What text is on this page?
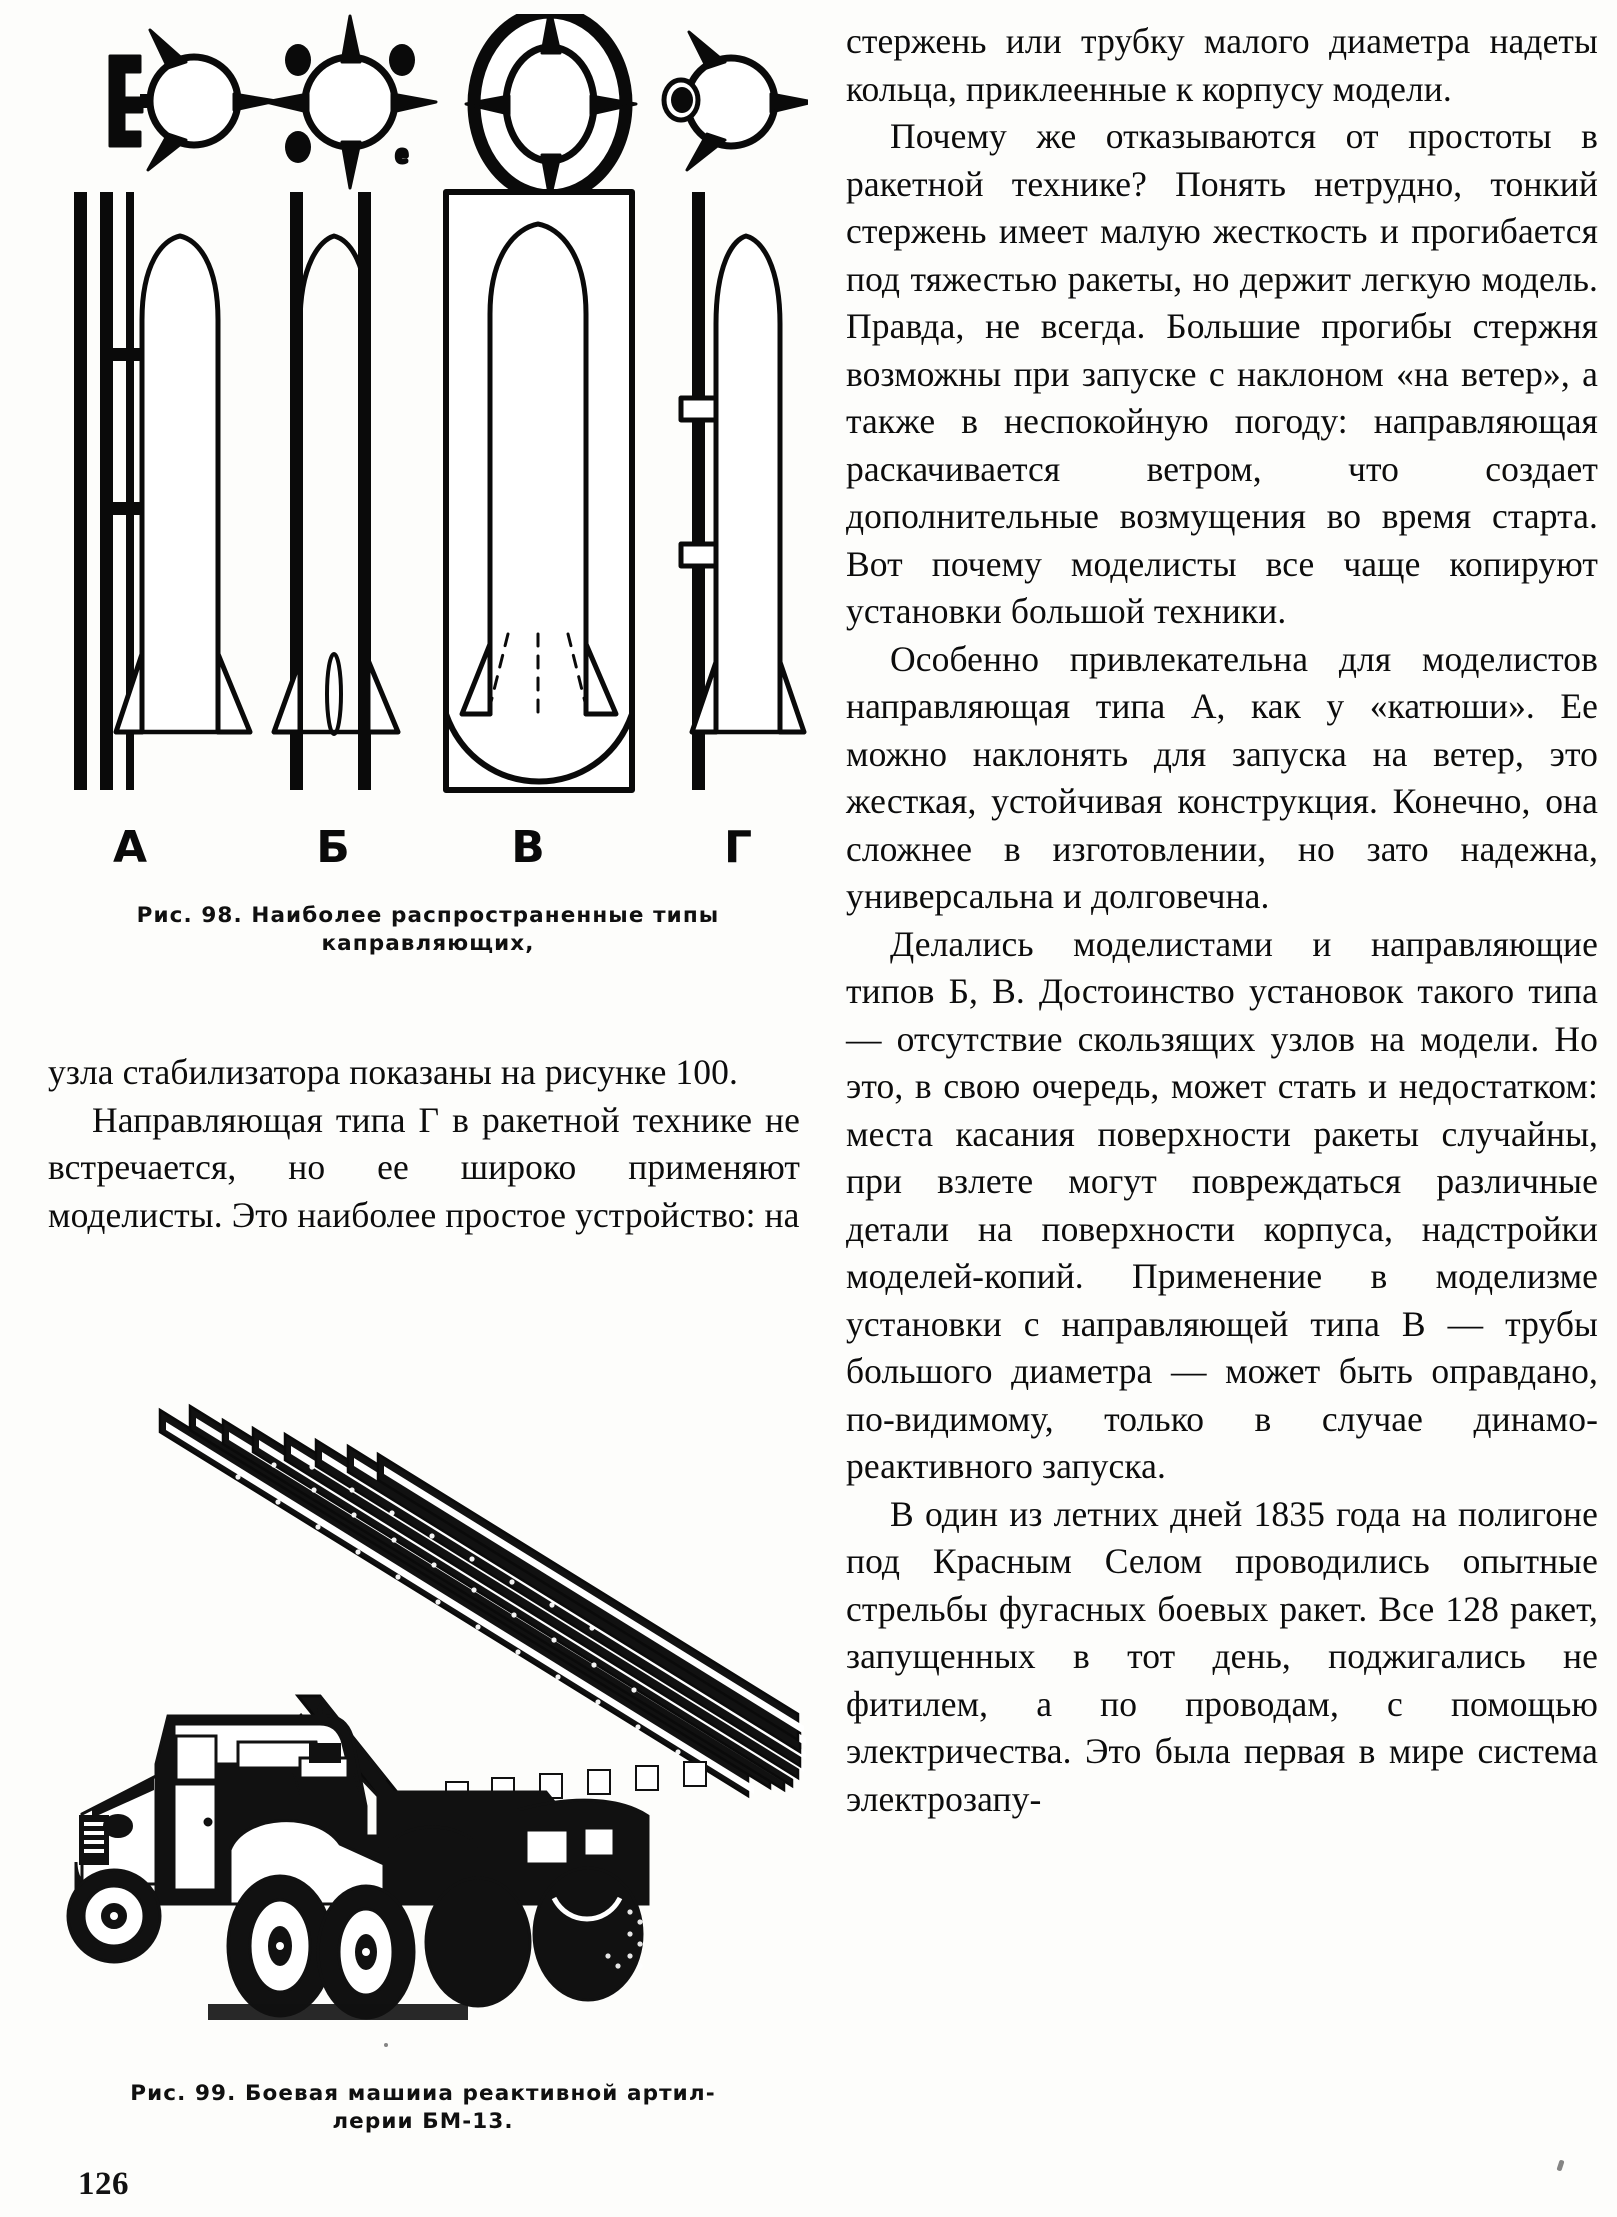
e
А	Б	В	Г
Рис. 98. Наиболее распространенные типы
каправляющих,

узла стабилизатора показаны на рисунке 100.

Направляющая типа Г в ракетной технике не встречается, но ее широко применяют моделисты. Это наиболее простое устройство: на

Рис. 99. Боевая машииа реактивной артил-
лерии БМ-13.
126

стержень или трубку малого диаметра надеты кольца, приклеенные к корпусу модели.

Почему же отказываются от простоты в ракетной технике? Понять нетрудно, тонкий стержень имеет малую жесткость и прогибается под тяжестью ракеты, но держит легкую модель. Правда, не всегда. Большие прогибы стержня возможны при запуске с наклоном «на ветер», а также в неспокойную погоду: направляющая раскачивается ветром, что создает дополнительные возмущения во время старта. Вот почему моделисты все чаще копируют установки большой техники.

Особенно привлекательна для моделистов направляющая типа А, как у «катюши». Ее можно наклонять для запуска на ветер, это жесткая, устойчивая конструкция. Конечно, она сложнее в изготовлении, но зато надежна, универсальна и долговечна.

Делались моделистами и направляющие типов Б, В. Достоинство установок такого типа — отсутствие скользящих узлов на модели. Но это, в свою очередь, может стать и недостатком: места касания поверхности ракеты случайны, при взлете могут повреждаться различные детали на поверхности корпуса, надстройки моделей-копий. Применение в моделизме установки с направляющей типа В — трубы большого диаметра — может быть оправдано, по-видимому, только в случае динамо-реактивного запуска.

В один из летних дней 1835 года на полигоне под Красным Селом проводились опытные стрельбы фугасных боевых ракет. Все 128 ракет, запущенных в тот день, поджигались не фитилем, а по проводам, с помощью электричества. Это была первая в мире система электрозапу-
